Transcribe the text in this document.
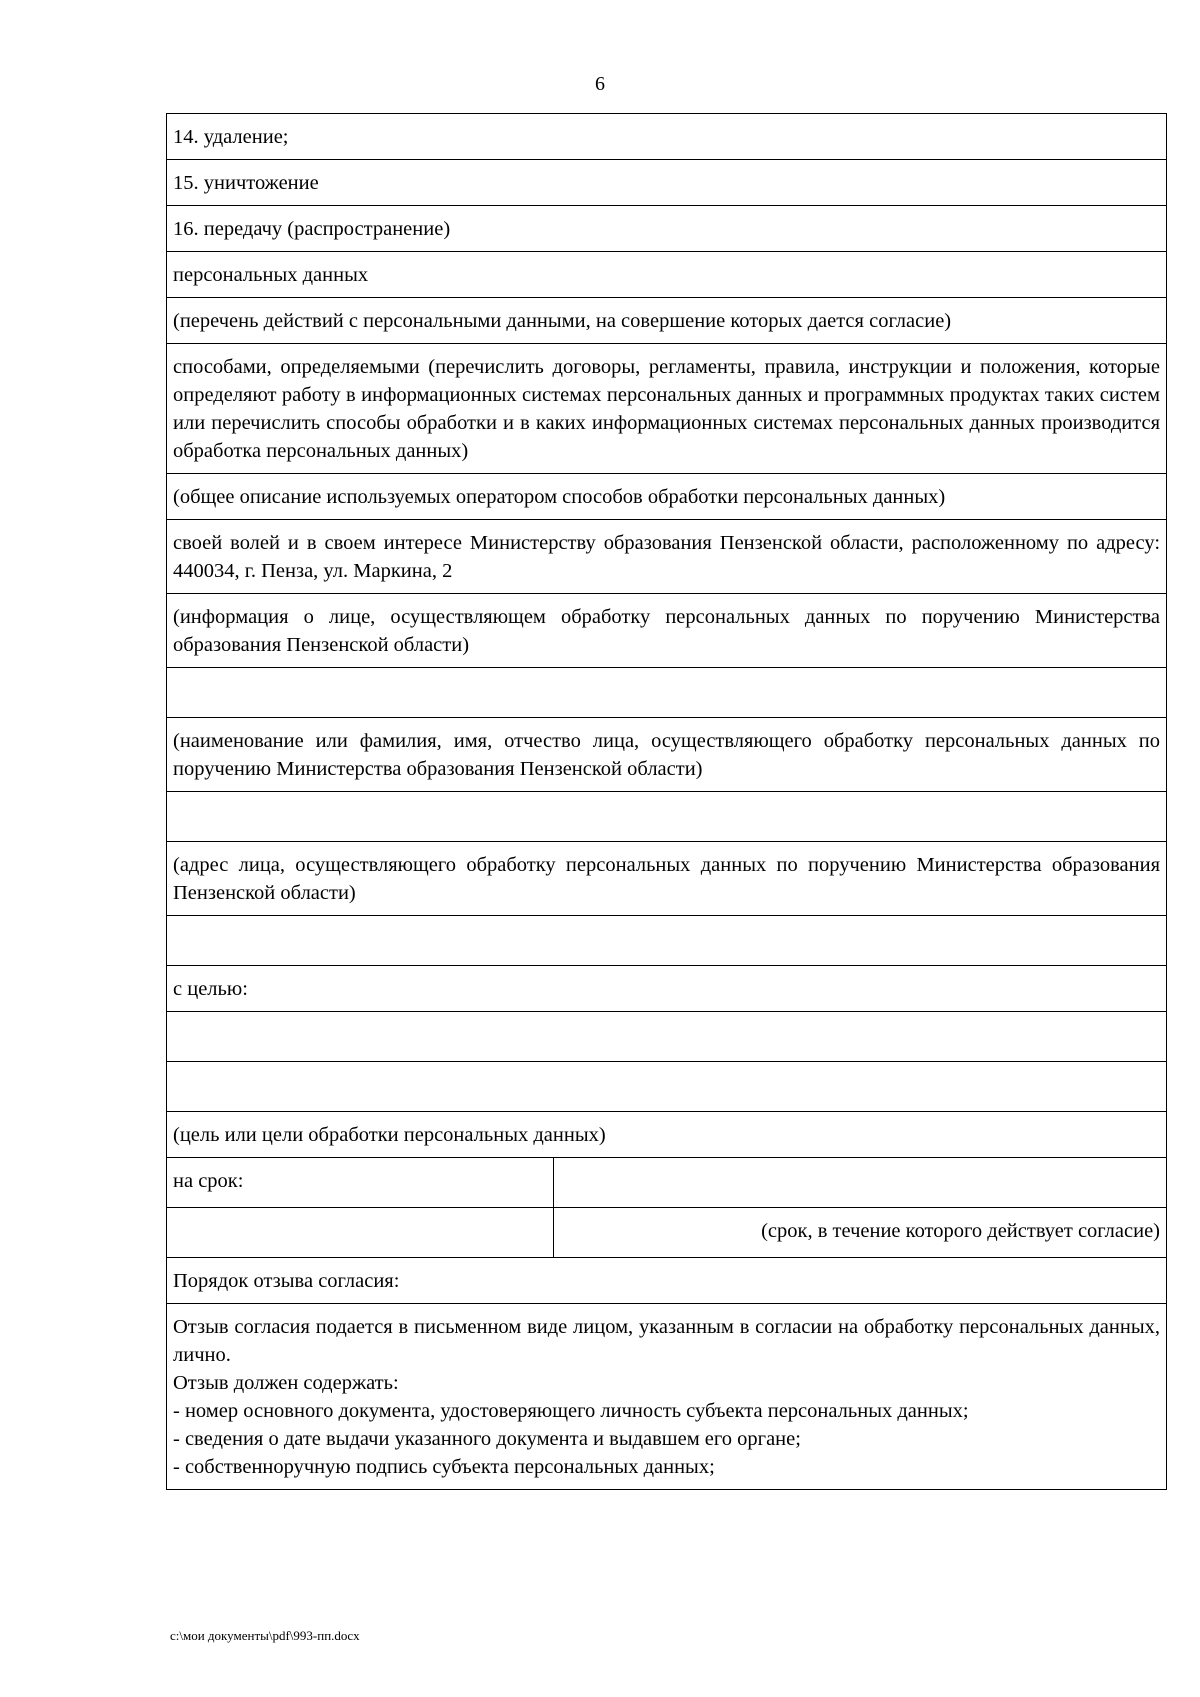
6
14. удаление;	
15. уничтожение	
16. передачу (распространение)	
персональных данных	
(перечень действий с персональными данными, на совершение которых дается согласие)	
способами, определяемыми (перечислить договоры, регламенты, правила, инструкции и положения, которые определяют работу в информационных системах персональных данных и программных продуктах таких систем или перечислить способы обработки и в каких информационных системах персональных данных производится обработка персональных данных)	
(общее описание используемых оператором способов обработки персональных данных)	
своей волей и в своем интересе Министерству образования Пензенской области, расположенному по адресу: 440034, г. Пенза, ул. Маркина, 2	
(информация о лице, осуществляющем обработку персональных данных по поручению Министерства образования Пензенской области)	

(наименование или фамилия, имя, отчество лица, осуществляющего обработку персональных данных по поручению Министерства образования Пензенской области)	

(адрес лица, осуществляющего обработку персональных данных по поручению Министерства образования Пензенской области)	

с целью:	

(цель или цели обработки персональных данных)	
на срок:	
	(срок, в течение которого действует согласие)
Порядок отзыва согласия:	

Отзыв согласия подается в письменном виде лицом, указанным в согласии на обработку персональных данных, лично.
Отзыв должен содержать:
- номер основного документа, удостоверяющего личность субъекта персональных данных;
- сведения о дате выдачи указанного документа и выдавшем его органе;
- собственноручную подпись субъекта персональных данных;	
c:\мои документы\pdf\993-пп.docx
